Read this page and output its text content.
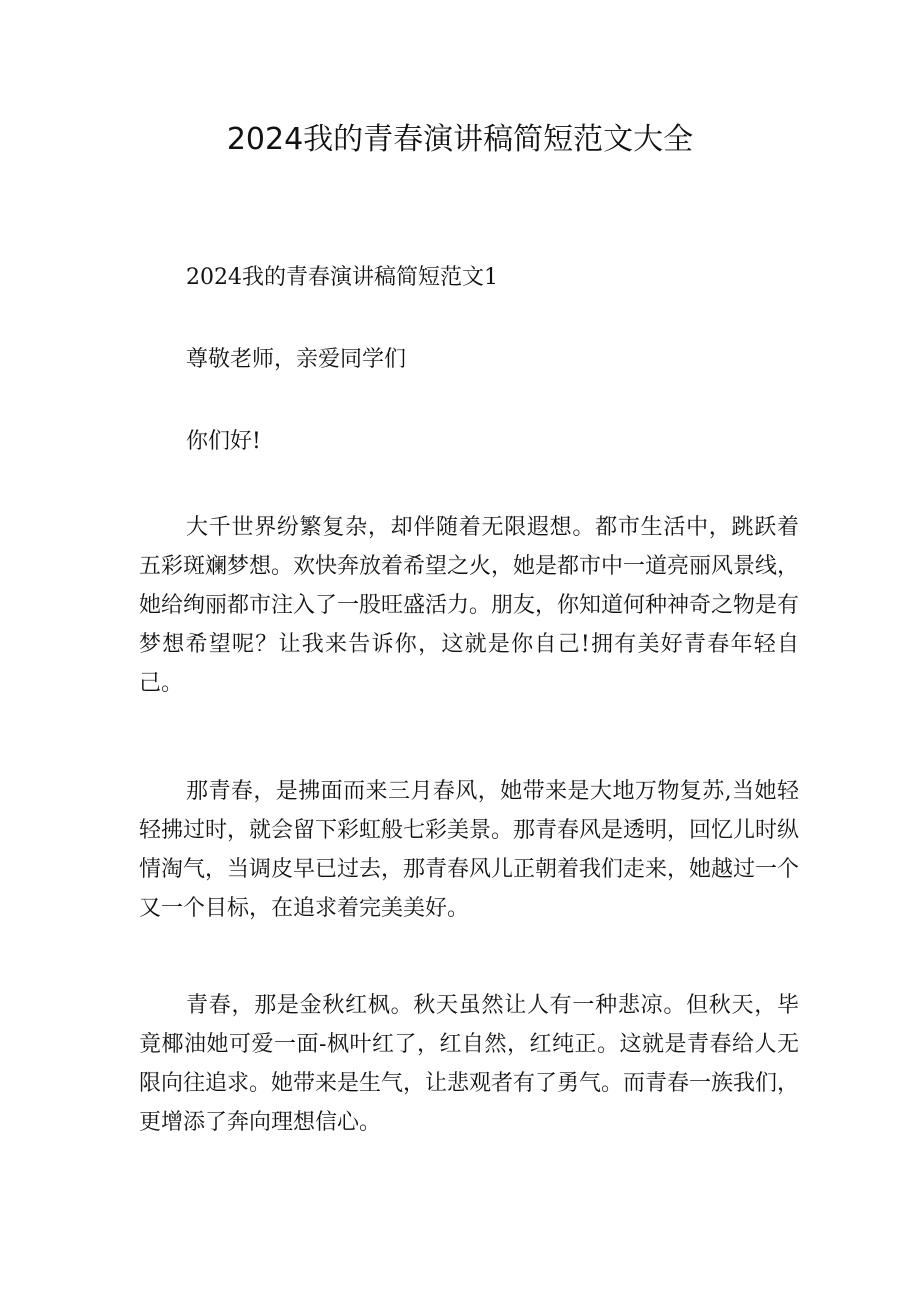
2024我的青春演讲稿简短范文大全

2024我的青春演讲稿简短范文1

尊敬老师，亲爱同学们

你们好!

大千世界纷繁复杂，却伴随着无限遐想。都市生活中，跳跃着五彩斑斓梦想。欢快奔放着希望之火，她是都市中一道亮丽风景线，她给绚丽都市注入了一股旺盛活力。朋友，你知道何种神奇之物是有梦想希望呢？让我来告诉你，这就是你自己!拥有美好青春年轻自己。

那青春，是拂面而来三月春风，她带来是大地万物复苏,当她轻轻拂过时，就会留下彩虹般七彩美景。那青春风是透明，回忆儿时纵情淘气，当调皮早已过去，那青春风儿正朝着我们走来，她越过一个又一个目标，在追求着完美美好。

青春，那是金秋红枫。秋天虽然让人有一种悲凉。但秋天，毕竟椰油她可爱一面-枫叶红了，红自然，红纯正。这就是青春给人无限向往追求。她带来是生气，让悲观者有了勇气。而青春一族我们，更增添了奔向理想信心。
